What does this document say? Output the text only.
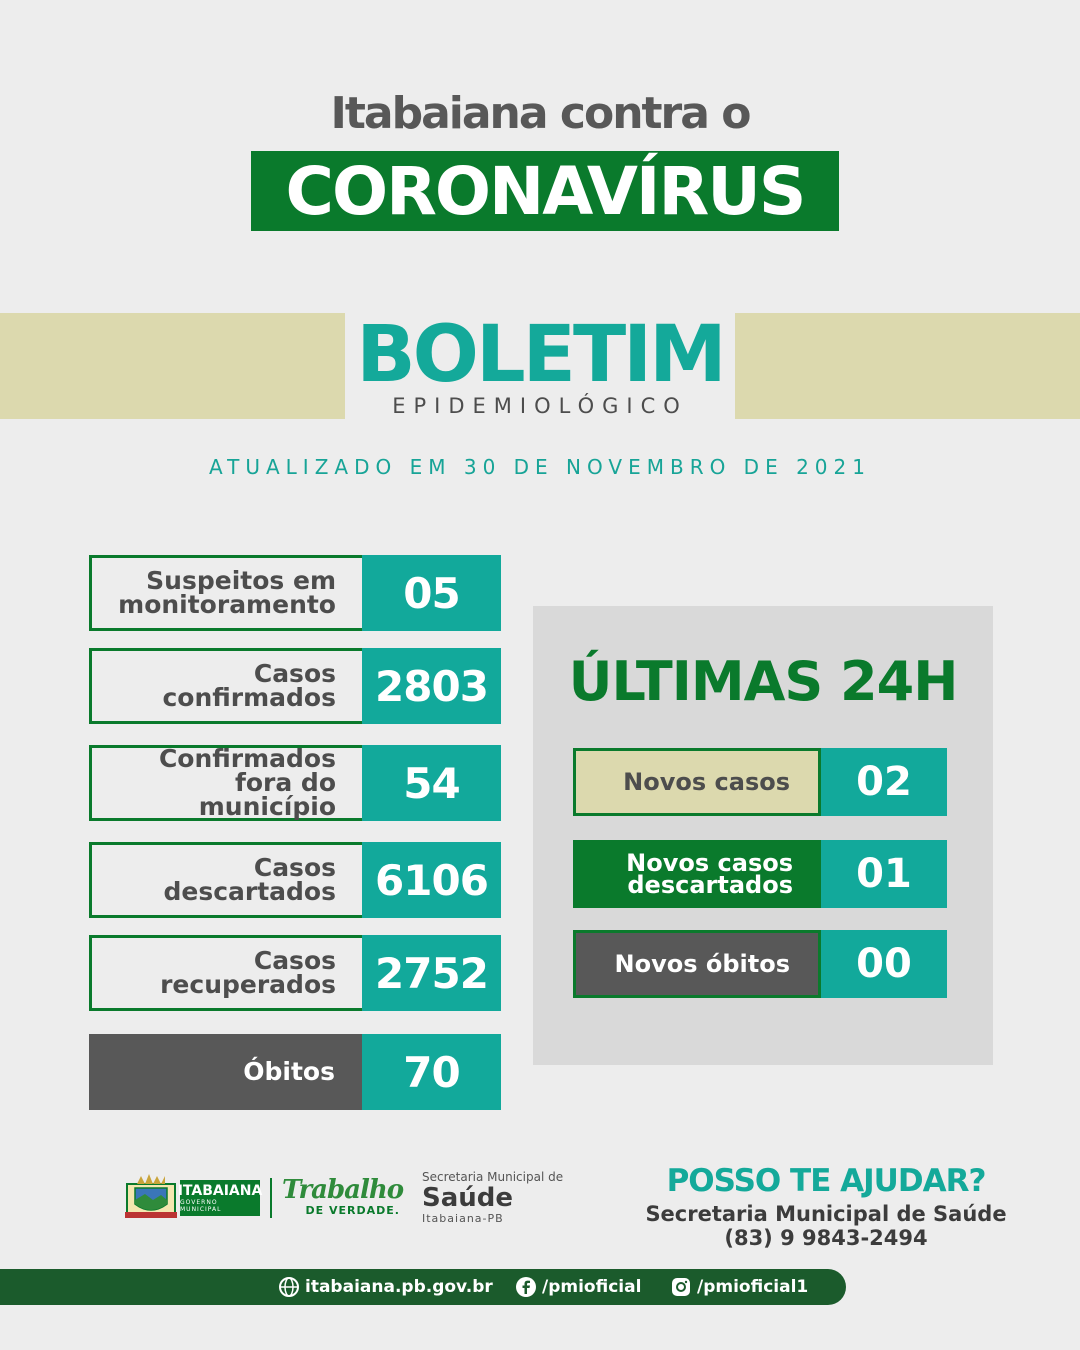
Itabaiana contra o
CORONAVÍRUS
BOLETIM
EPIDEMIOLÓGICO
ATUALIZADO EM 30 DE NOVEMBRO DE 2021
Suspeitos em
monitoramento	05
Casos
confirmados 2803
Confirmados
fora do município	54
Casos
descartados 6106
Casos
recuperados 2752
Óbitos	70
ÚLTIMAS 24H
Novos casos	02
Novos casos
descartados	01
Novos óbitos	00
ITABAIANA
GOVERNO MUNICIPAL
Trabalho
DE VERDADE.
Secretaria Municipal de
Saúde
Itabaiana-PB
POSSO TE AJUDAR?
Secretaria Municipal de Saúde
(83) 9 9843-2494
itabaiana.pb.gov.br	/pmioficial	/pmioficial1
